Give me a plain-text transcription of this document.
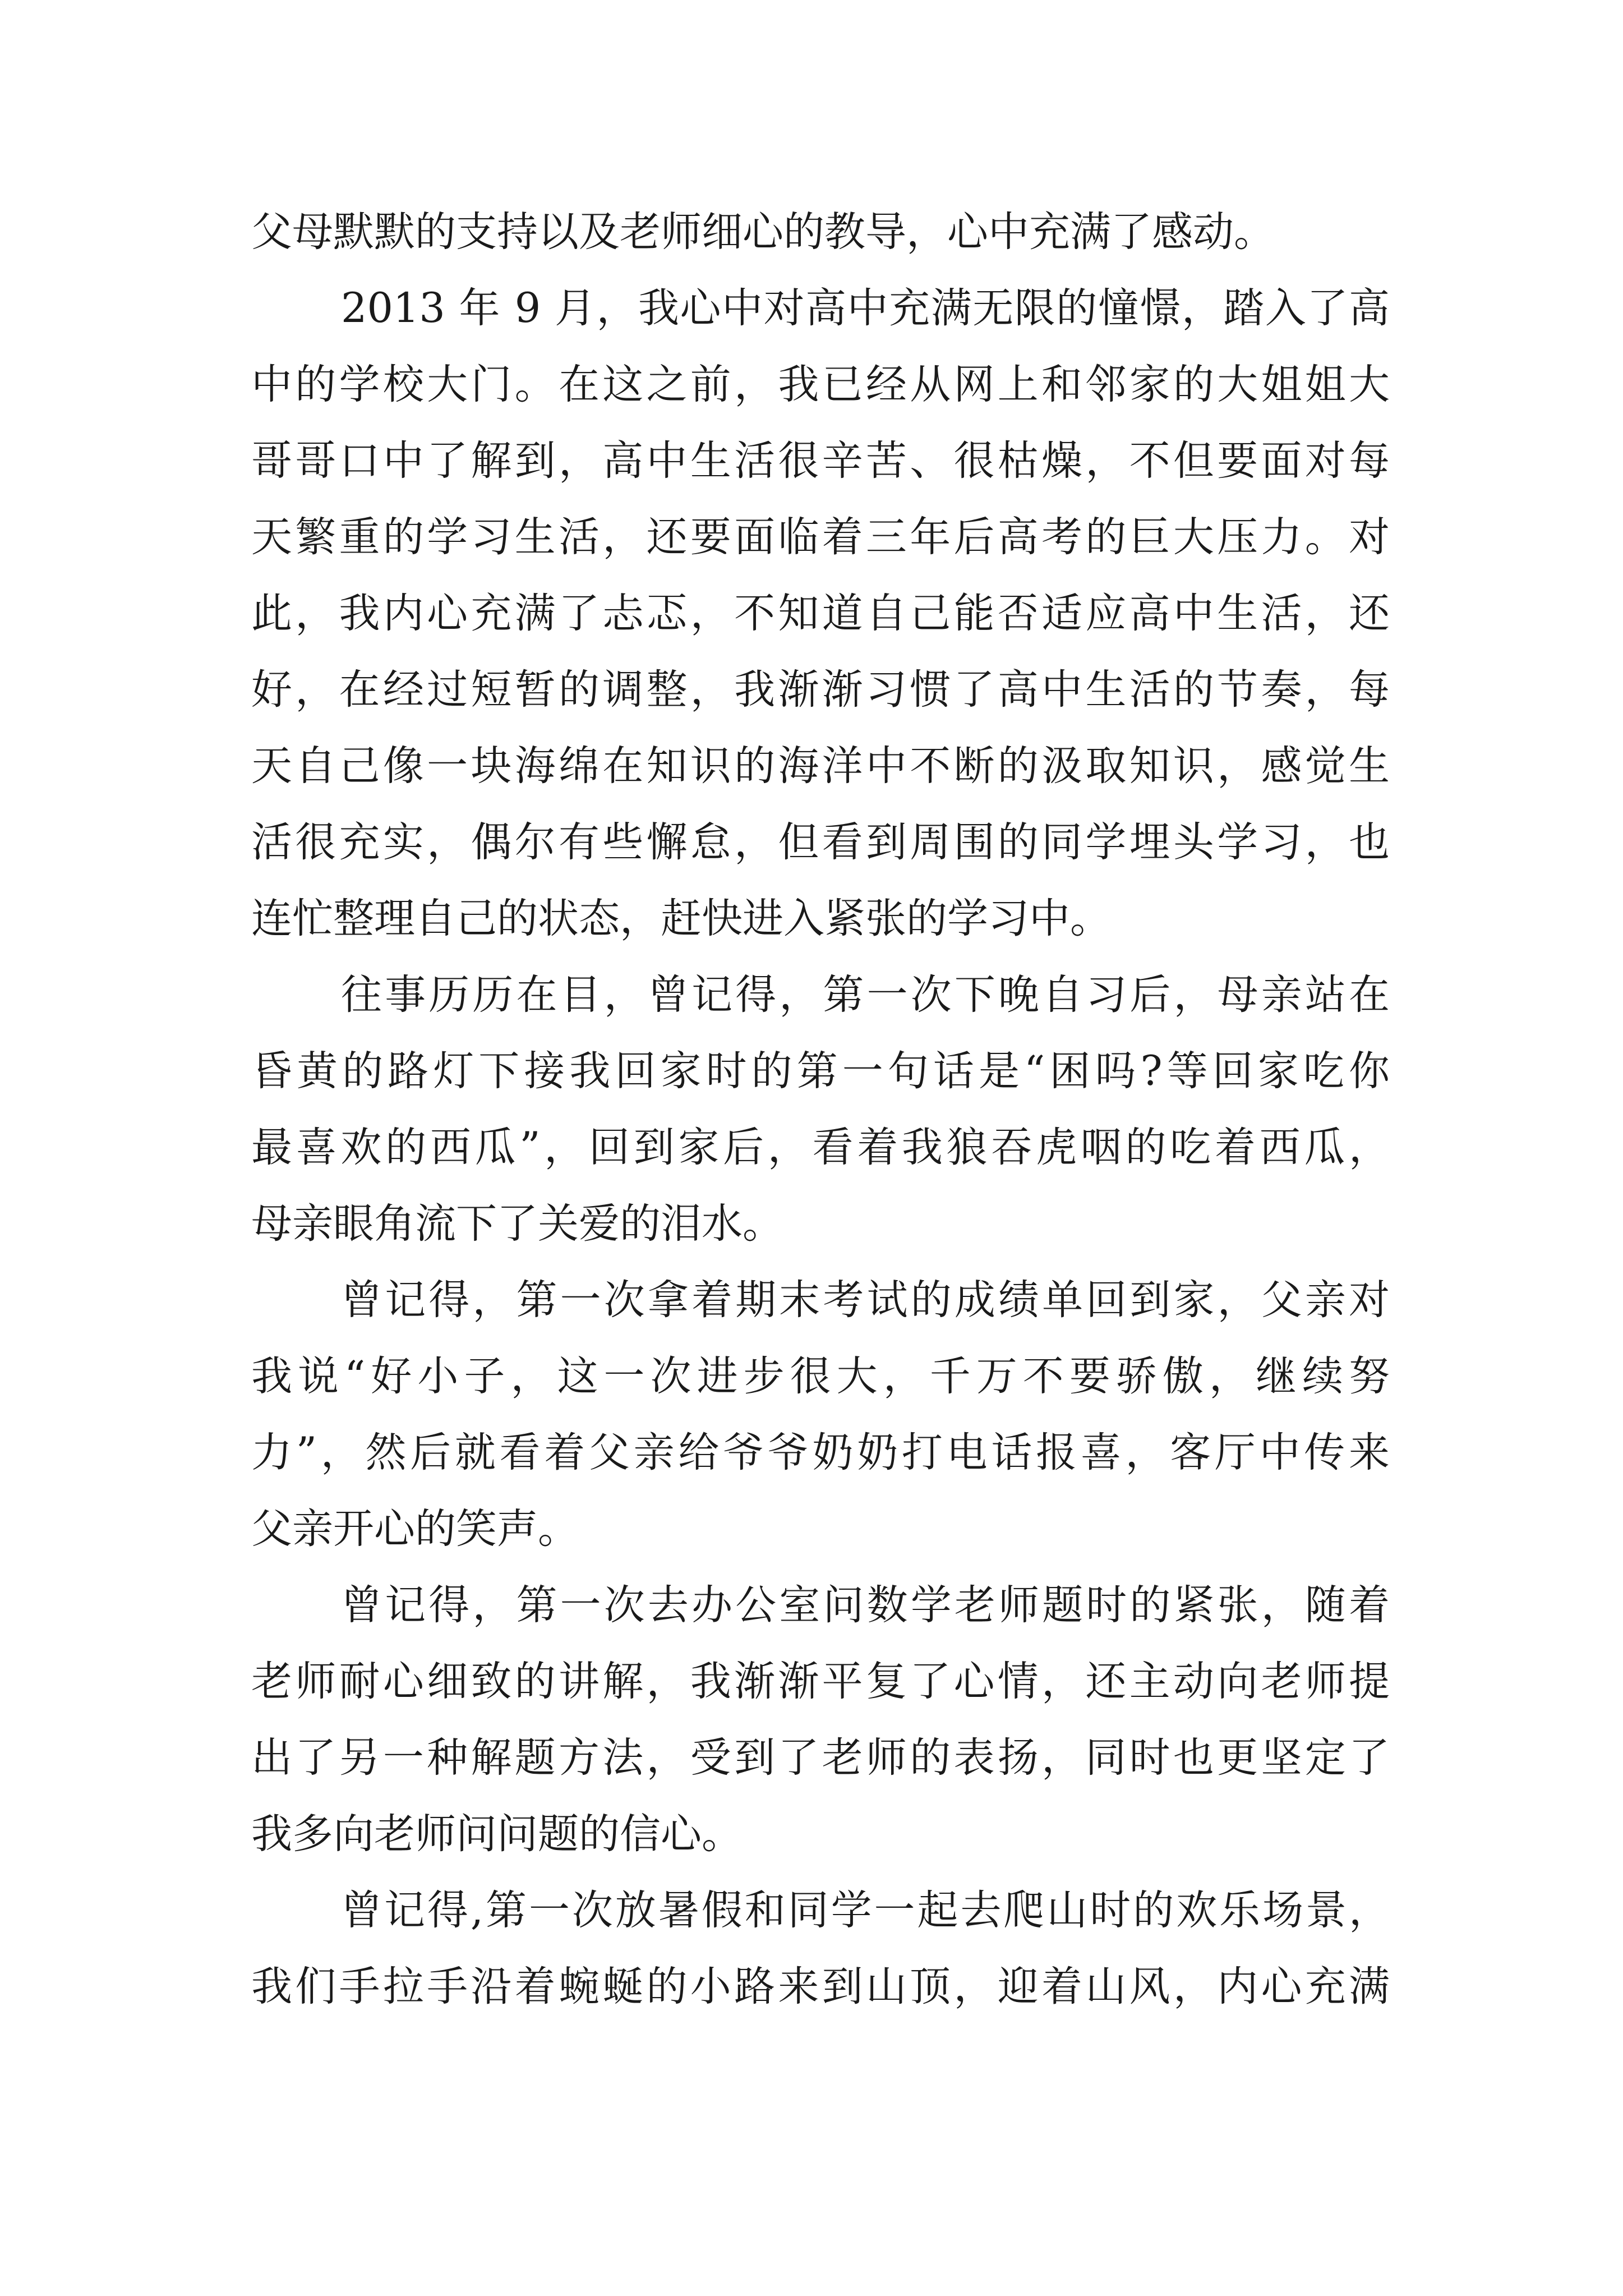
父母默默的支持以及老师细心的教导，心中充满了感动。
2013 年 9 月，我心中对高中充满无限的憧憬，踏入了高
中的学校大门。在这之前，我已经从网上和邻家的大姐姐大
哥哥口中了解到，高中生活很辛苦、很枯燥，不但要面对每
天繁重的学习生活，还要面临着三年后高考的巨大压力。对
此，我内心充满了忐忑，不知道自己能否适应高中生活，还
好，在经过短暂的调整，我渐渐习惯了高中生活的节奏，每
天自己像一块海绵在知识的海洋中不断的汲取知识，感觉生
活很充实，偶尔有些懈怠，但看到周围的同学埋头学习，也
连忙整理自己的状态，赶快进入紧张的学习中。
往事历历在目，曾记得，第一次下晚自习后，母亲站在
昏黄的路灯下接我回家时的第一句话是“困吗?等回家吃你
最喜欢的西瓜”，回到家后，看着我狼吞虎咽的吃着西瓜，
母亲眼角流下了关爱的泪水。
曾记得，第一次拿着期末考试的成绩单回到家，父亲对
我说“好小子，这一次进步很大，千万不要骄傲，继续努
力”，然后就看着父亲给爷爷奶奶打电话报喜，客厅中传来
父亲开心的笑声。
曾记得，第一次去办公室问数学老师题时的紧张，随着
老师耐心细致的讲解，我渐渐平复了心情，还主动向老师提
出了另一种解题方法，受到了老师的表扬，同时也更坚定了
我多向老师问问题的信心。
曾记得,第一次放暑假和同学一起去爬山时的欢乐场景，
我们手拉手沿着蜿蜒的小路来到山顶，迎着山风，内心充满
